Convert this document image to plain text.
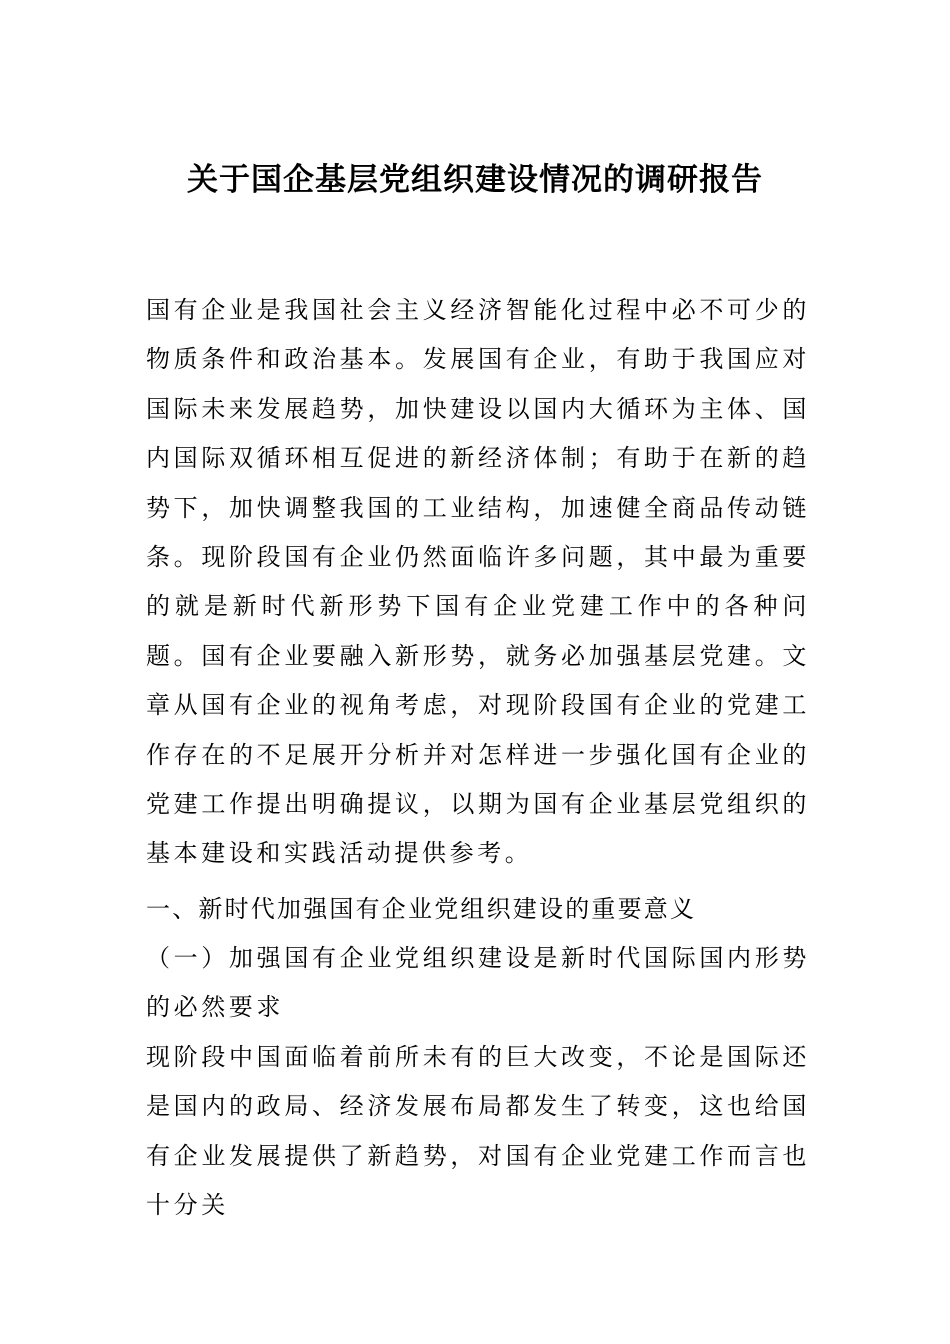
关于国企基层党组织建设情况的调研报告

国有企业是我国社会主义经济智能化过程中必不可少的物质条件和政治基本。发展国有企业，有助于我国应对国际未来发展趋势，加快建设以国内大循环为主体、国内国际双循环相互促进的新经济体制；有助于在新的趋势下，加快调整我国的工业结构，加速健全商品传动链条。现阶段国有企业仍然面临许多问题，其中最为重要的就是新时代新形势下国有企业党建工作中的各种问题。国有企业要融入新形势，就务必加强基层党建。文章从国有企业的视角考虑，对现阶段国有企业的党建工作存在的不足展开分析并对怎样进一步强化国有企业的党建工作提出明确提议，以期为国有企业基层党组织的基本建设和实践活动提供参考。

一、新时代加强国有企业党组织建设的重要意义

（一）加强国有企业党组织建设是新时代国际国内形势的必然要求

现阶段中国面临着前所未有的巨大改变，不论是国际还是国内的政局、经济发展布局都发生了转变，这也给国有企业发展提供了新趋势，对国有企业党建工作而言也十分关
